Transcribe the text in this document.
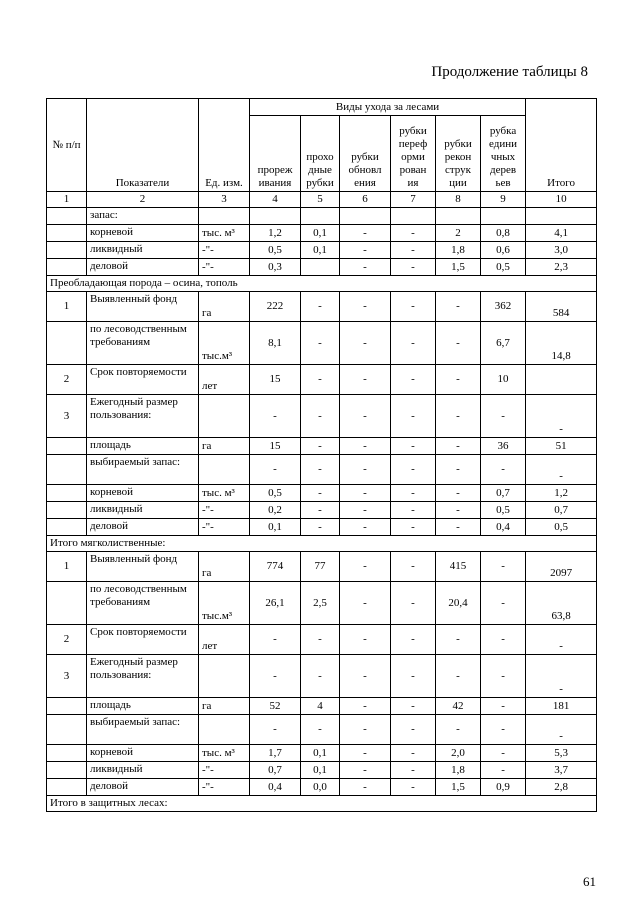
Продолжение таблицы 8
№ п/п	Показатели	Ед. изм.	Виды ухода за лесами						Итого
			прореж ивания	прохо дные рубки	рубки обновл ения	рубки переф орми рован ия	рубки рекон струк ции	рубка едини чных дерев ьев	
1	2	3	4	5	6	7	8	9	10
	запас:								
	корневой	тыс. м³	1,2	0,1	-	-	2	0,8	4,1
	ликвидный	-"-	0,5	0,1	-	-	1,8	0,6	3,0
	деловой	-"-	0,3		-	-	1,5	0,5	2,3
Преобладающая порода – осина, тополь									
1	Выявленный фонд	га	222	-	-	-	-	362	584
	по лесоводственным требованиям	тыс.м³	8,1	-	-	-	-	6,7	14,8
2	Срок повторяемости	лет	15	-	-	-	-	10	
3	Ежегодный размер пользования:		-	-	-	-	-	-	-
	площадь	га	15	-	-	-	-	36	51
	выбираемый запас:		-	-	-	-	-	-	-
	корневой	тыс. м³	0,5	-	-	-	-	0,7	1,2
	ликвидный	-"-	0,2	-	-	-	-	0,5	0,7
	деловой	-"-	0,1	-	-	-	-	0,4	0,5
Итого мягколиственные:									
1	Выявленный фонд	га	774	77	-	-	415	-	2097
	по лесоводственным требованиям	тыс.м³	26,1	2,5	-	-	20,4	-	63,8
2	Срок повторяемости	лет	-	-	-	-	-	-	-
3	Ежегодный размер пользования:		-	-	-	-	-	-	-
	площадь	га	52	4	-	-	42	-	181
	выбираемый запас:		-	-	-	-	-	-	-
	корневой	тыс. м³	1,7	0,1	-	-	2,0	-	5,3
	ликвидный	-"-	0,7	0,1	-	-	1,8	-	3,7
	деловой	-"-	0,4	0,0	-	-	1,5	0,9	2,8
Итого в защитных лесах:									
61
